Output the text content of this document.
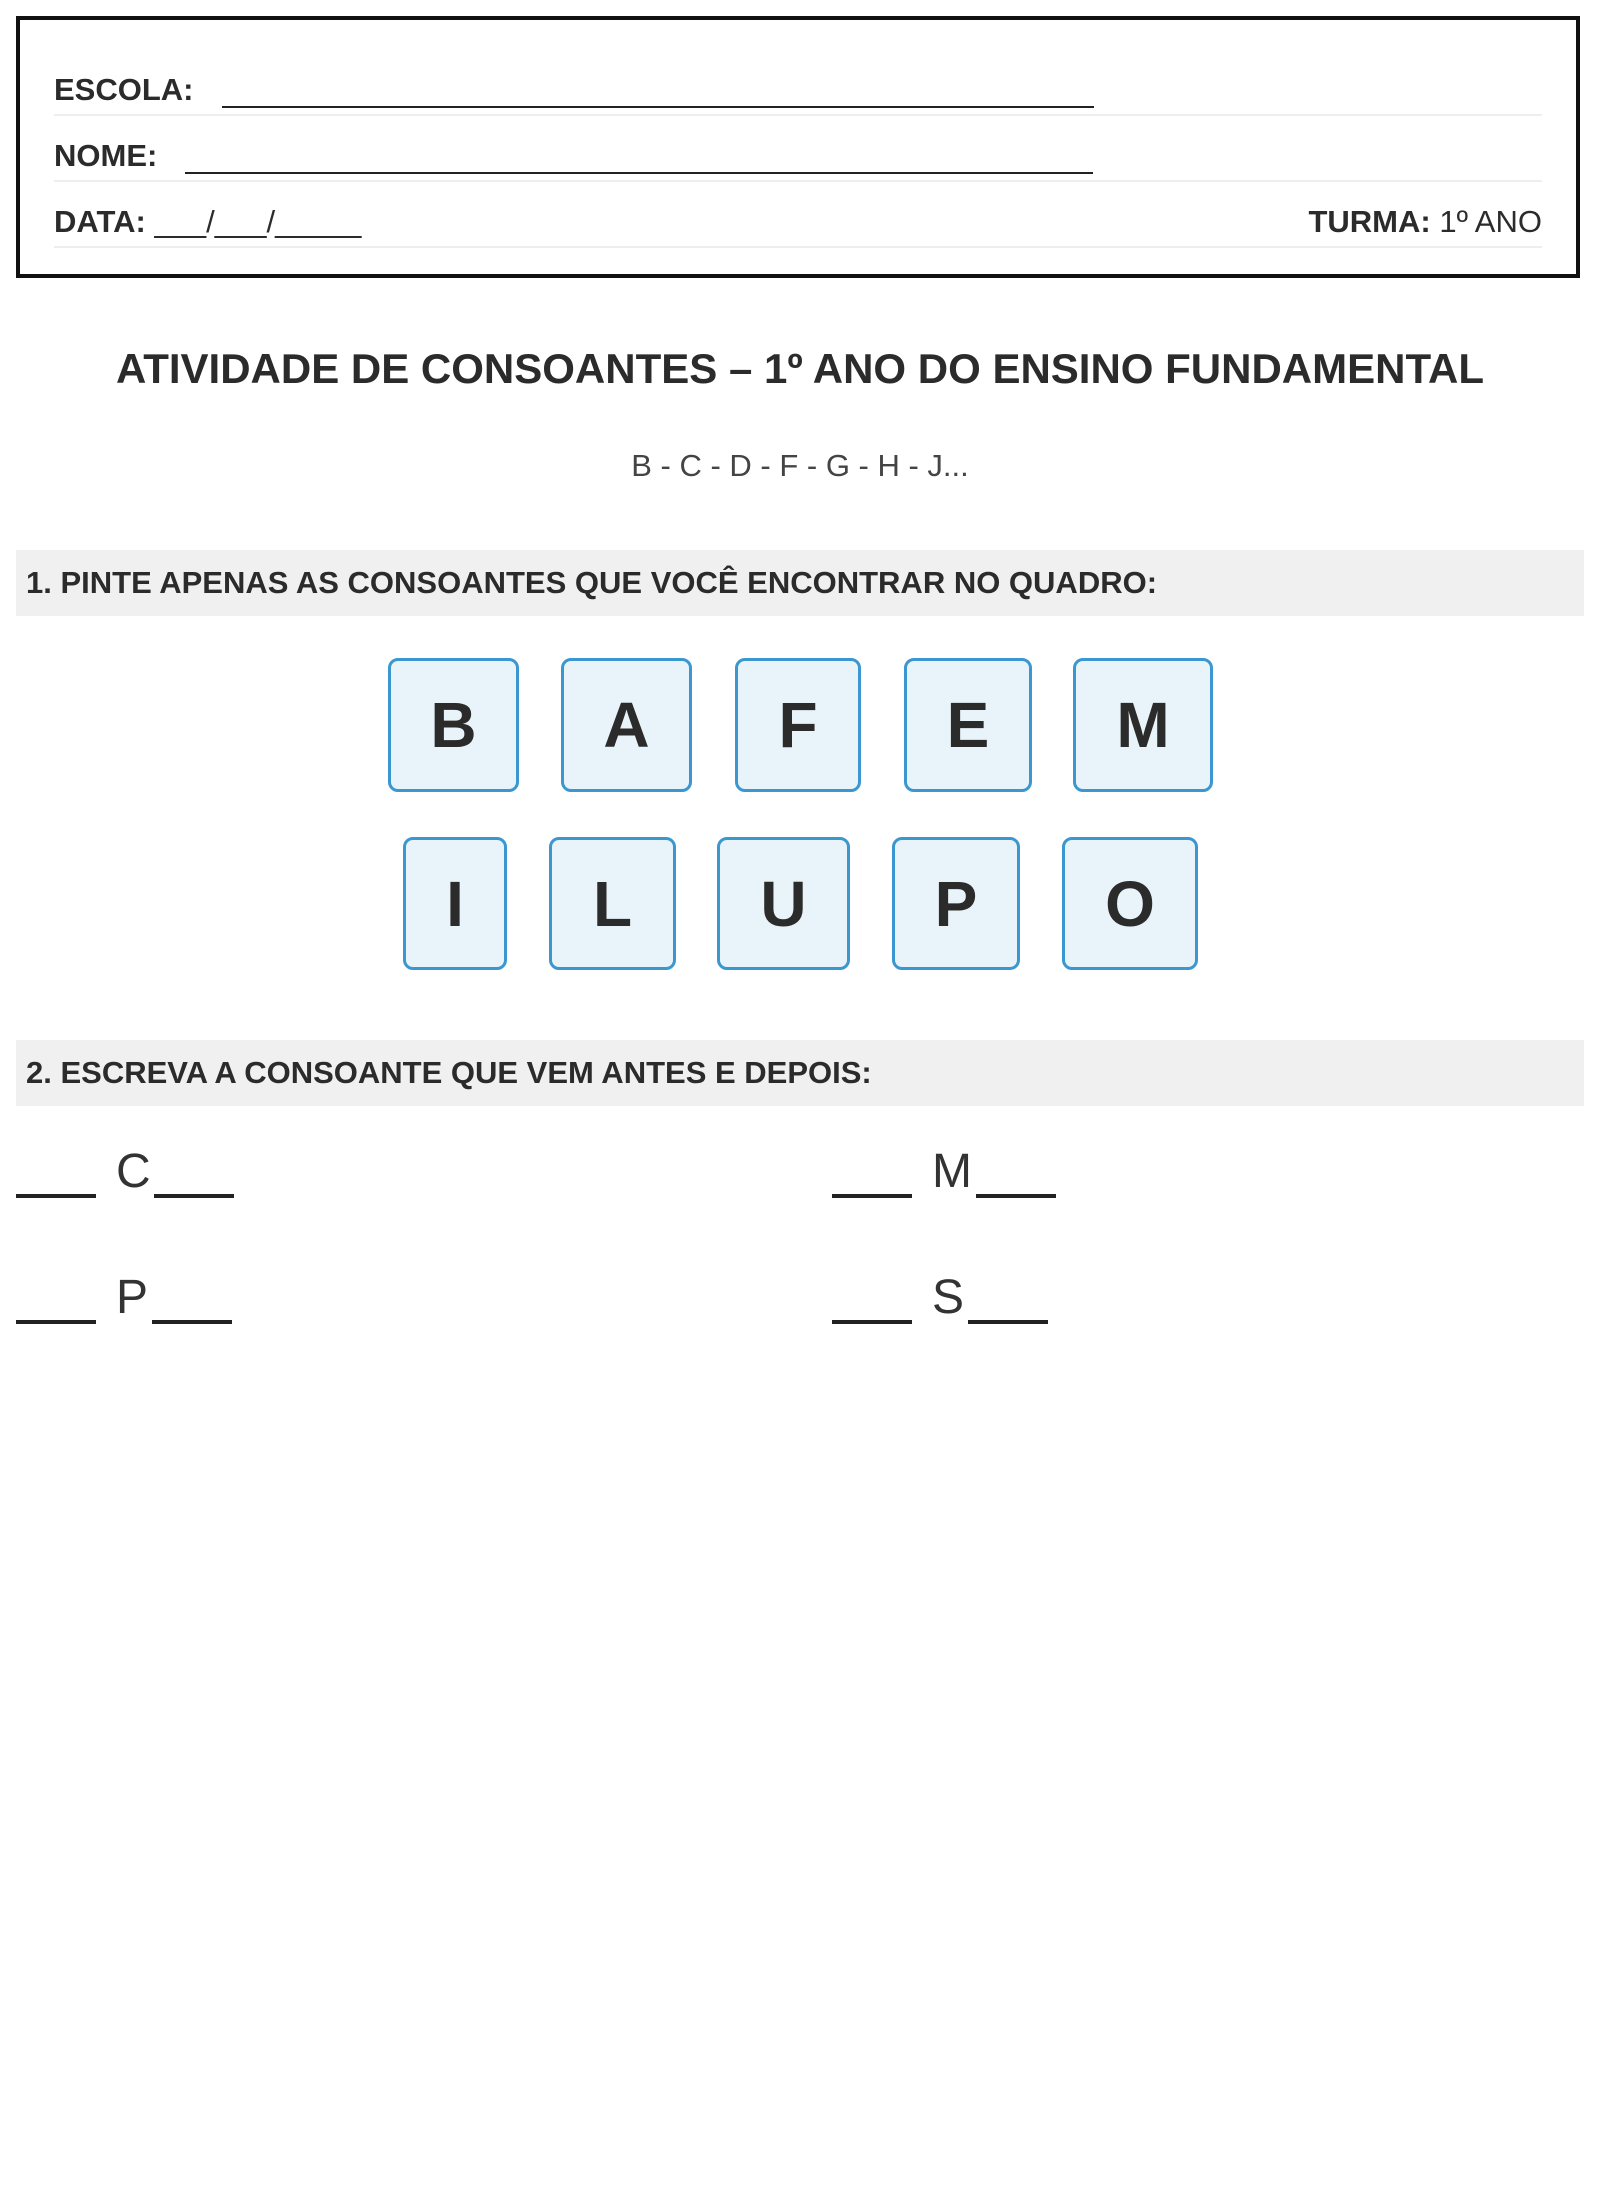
ESCOLA:
NOME:
DATA: ___/___/_____	TURMA: 1º ANO
ATIVIDADE DE CONSOANTES – 1º ANO DO ENSINO FUNDAMENTAL
B - C - D - F - G - H - J...
1. PINTE APENAS AS CONSOANTES QUE VOCÊ ENCONTRAR NO QUADRO:
B	A	F	E	M
I	L	U	P	O
2. ESCREVA A CONSOANTE QUE VEM ANTES E DEPOIS:
C	M
P	S
